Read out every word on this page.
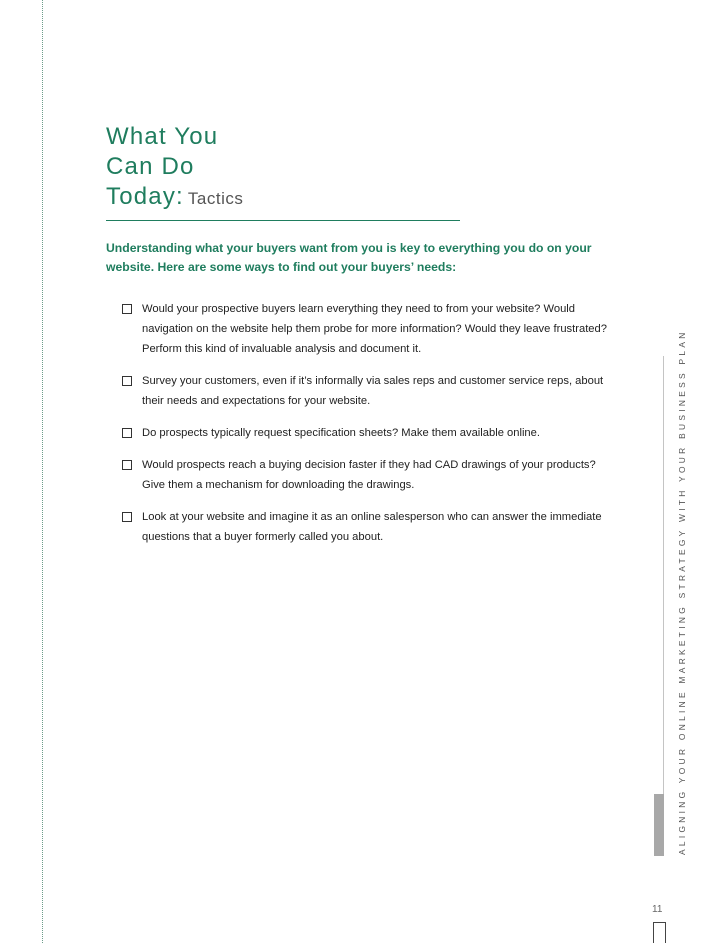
What You
Can Do
Today: Tactics
Understanding what your buyers want from you is key to everything you do on your website. Here are some ways to find out your buyers’ needs:
Would your prospective buyers learn everything they need to from your website? Would navigation on the website help them probe for more information? Would they leave frustrated? Perform this kind of invaluable analysis and document it.
Survey your customers, even if it’s informally via sales reps and customer service reps, about their needs and expectations for your website.
Do prospects typically request specification sheets? Make them available online.
Would prospects reach a buying decision faster if they had CAD drawings of your products? Give them a mechanism for downloading the drawings.
Look at your website and imagine it as an online salesperson who can answer the immediate questions that a buyer formerly called you about.	ALIGNING YOUR ONLINE MARKETING STRATEGY WITH YOUR BUSINESS PLAN
11
